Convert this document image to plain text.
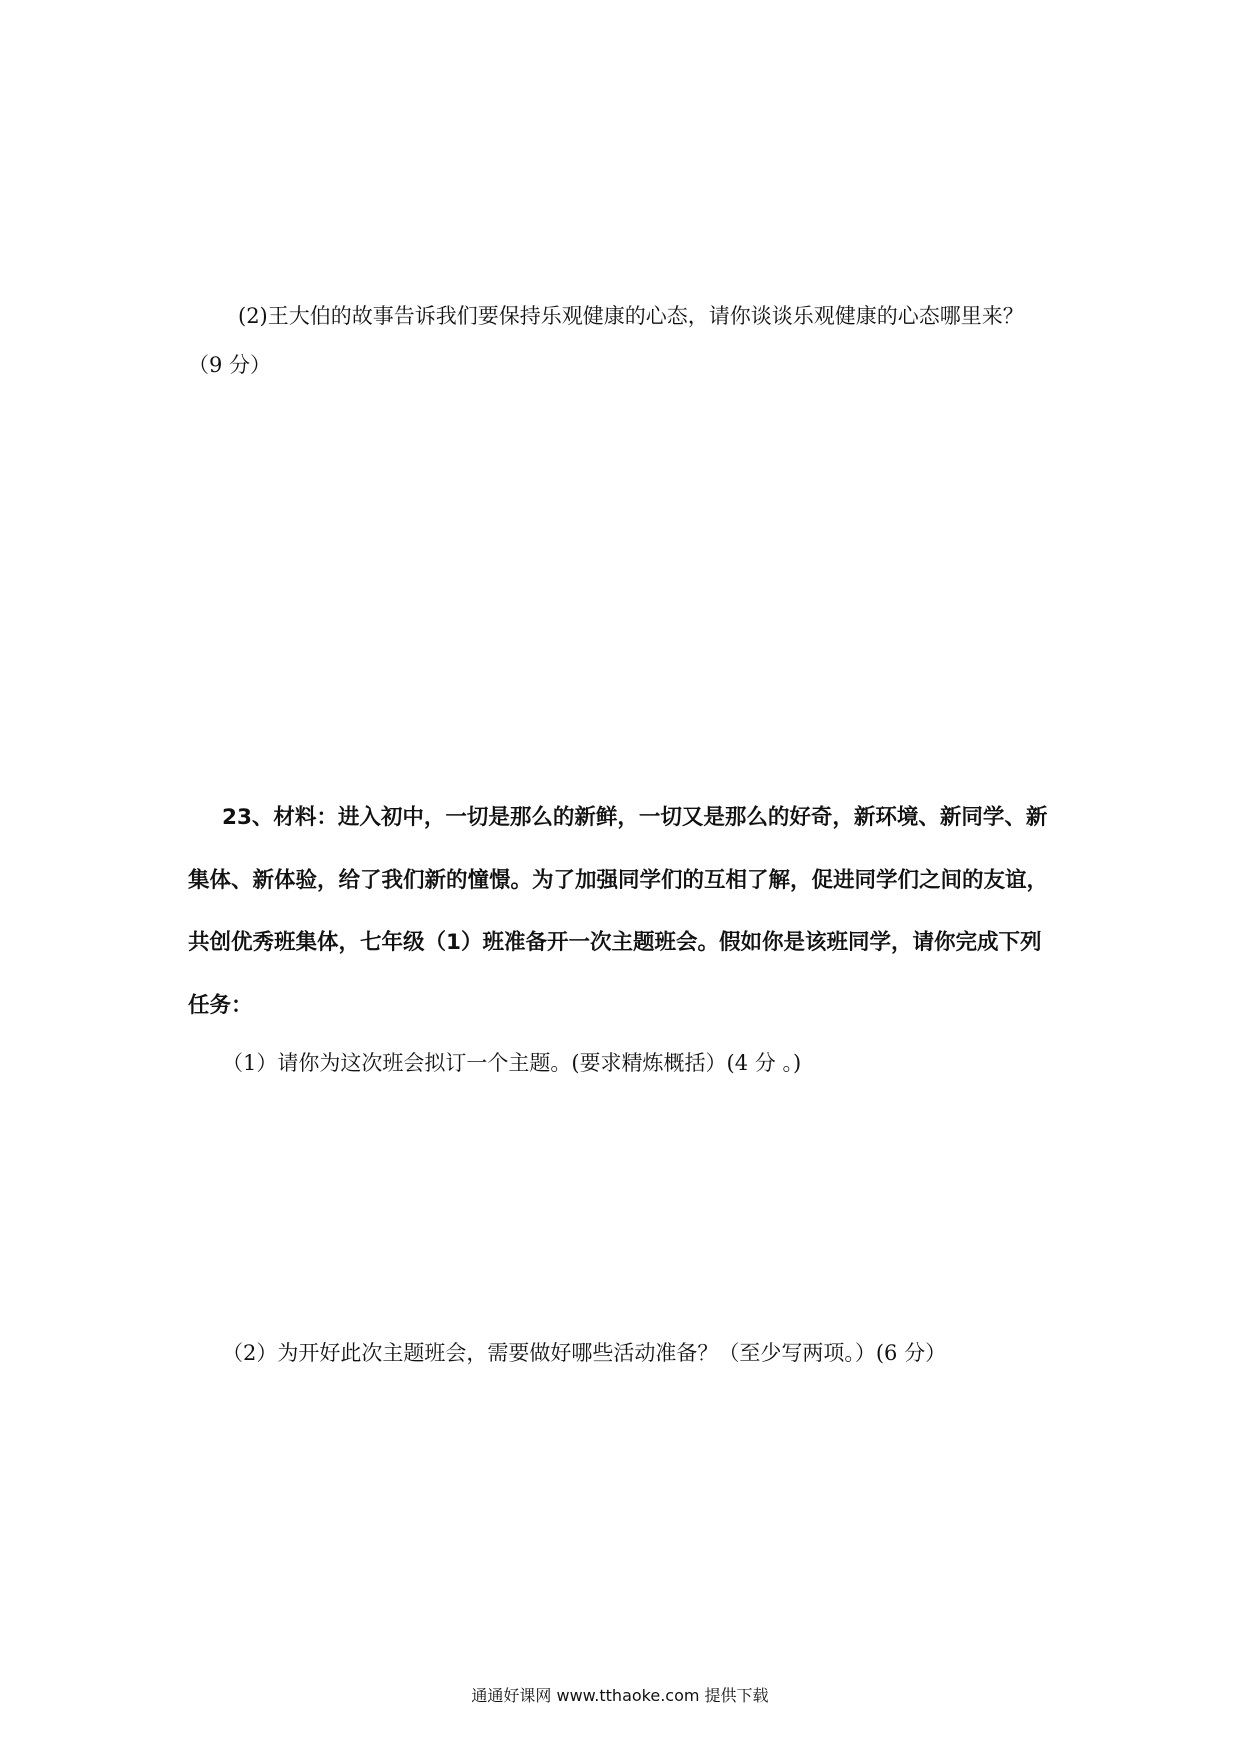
(2)王大伯的故事告诉我们要保持乐观健康的心态，请你谈谈乐观健康的心态哪里来？
（9 分）
23、材料：进入初中，一切是那么的新鲜，一切又是那么的好奇，新环境、新同学、新
集体、新体验，给了我们新的憧憬。为了加强同学们的互相了解，促进同学们之间的友谊，
共创优秀班集体，七年级（1）班准备开一次主题班会。假如你是该班同学，请你完成下列
任务：
（1）请你为这次班会拟订一个主题。(要求精炼概括）(4 分 。)
（2）为开好此次主题班会，需要做好哪些活动准备？（至少写两项。）(6 分）
通通好课网 www.tthaoke.com 提供下载
